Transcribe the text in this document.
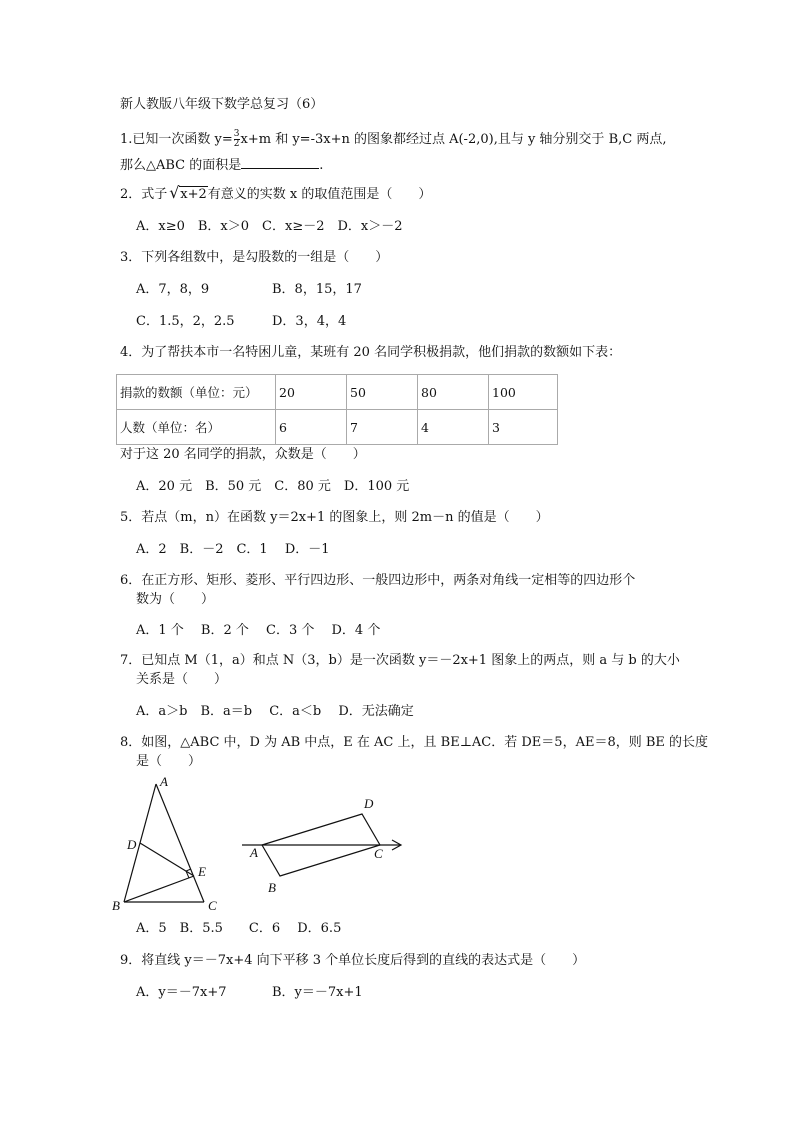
新人教版八年级下数学总复习（6）
1.已知一次函数 $y= \frac{3}{2} x+m$ 和 y=-3x+n 的图象都经过点 A(-2,0),且与 y 轴分别交于 B,C 两点,
那么△ABC 的面积是	.
2．式子 √ x+2有意义的实数 x 的取值范围是（　　）
A．x≥0　B．x＞0　C．x≥－2　D．x＞－2
3．下列各组数中，是勾股数的一组是（　　）
A．7，8，9	B．8，15，17
C．1.5，2，2.5	D．3，4，4
4．为了帮扶本市一名特困儿童，某班有 20 名同学积极捐款，他们捐款的数额如下表：
捐款的数额（单位：元）	20	50	80	100
人数（单位：名）	6	7	4	3
对于这 20 名同学的捐款，众数是（　　）
A．20 元　B．50 元　C．80 元　D．100 元
5．若点（m，n）在函数 y＝2x+1 的图象上，则 2m－n 的值是（　　）
A．2　B．－2　C．1　 D．－1
6．在正方形、矩形、菱形、平行四边形、一般四边形中，两条对角线一定相等的四边形个
数为（　　）
A．1 个　 B．2 个　 C．3 个　 D．4 个
7．已知点 M（1，a）和点 N（3，b）是一次函数 y＝－2x+1 图象上的两点，则 a 与 b 的大小
关系是（　　）
A．a＞b　B．a＝b　 C．a＜b　 D．无法确定
8．如图，△ABC 中，D 为 AB 中点，E 在 AC 上，且 BE⊥AC．若 DE＝5，AE＝8，则 BE 的长度
是（　　）
A
B	C
D
E
A
B
C
D
A．5　B．5.5　　C．6　 D．6.5
9．将直线 y＝－7x+4 向下平移 3 个单位长度后得到的直线的表达式是（　　）
A．y＝－7x+7	B．y＝－7x+1
